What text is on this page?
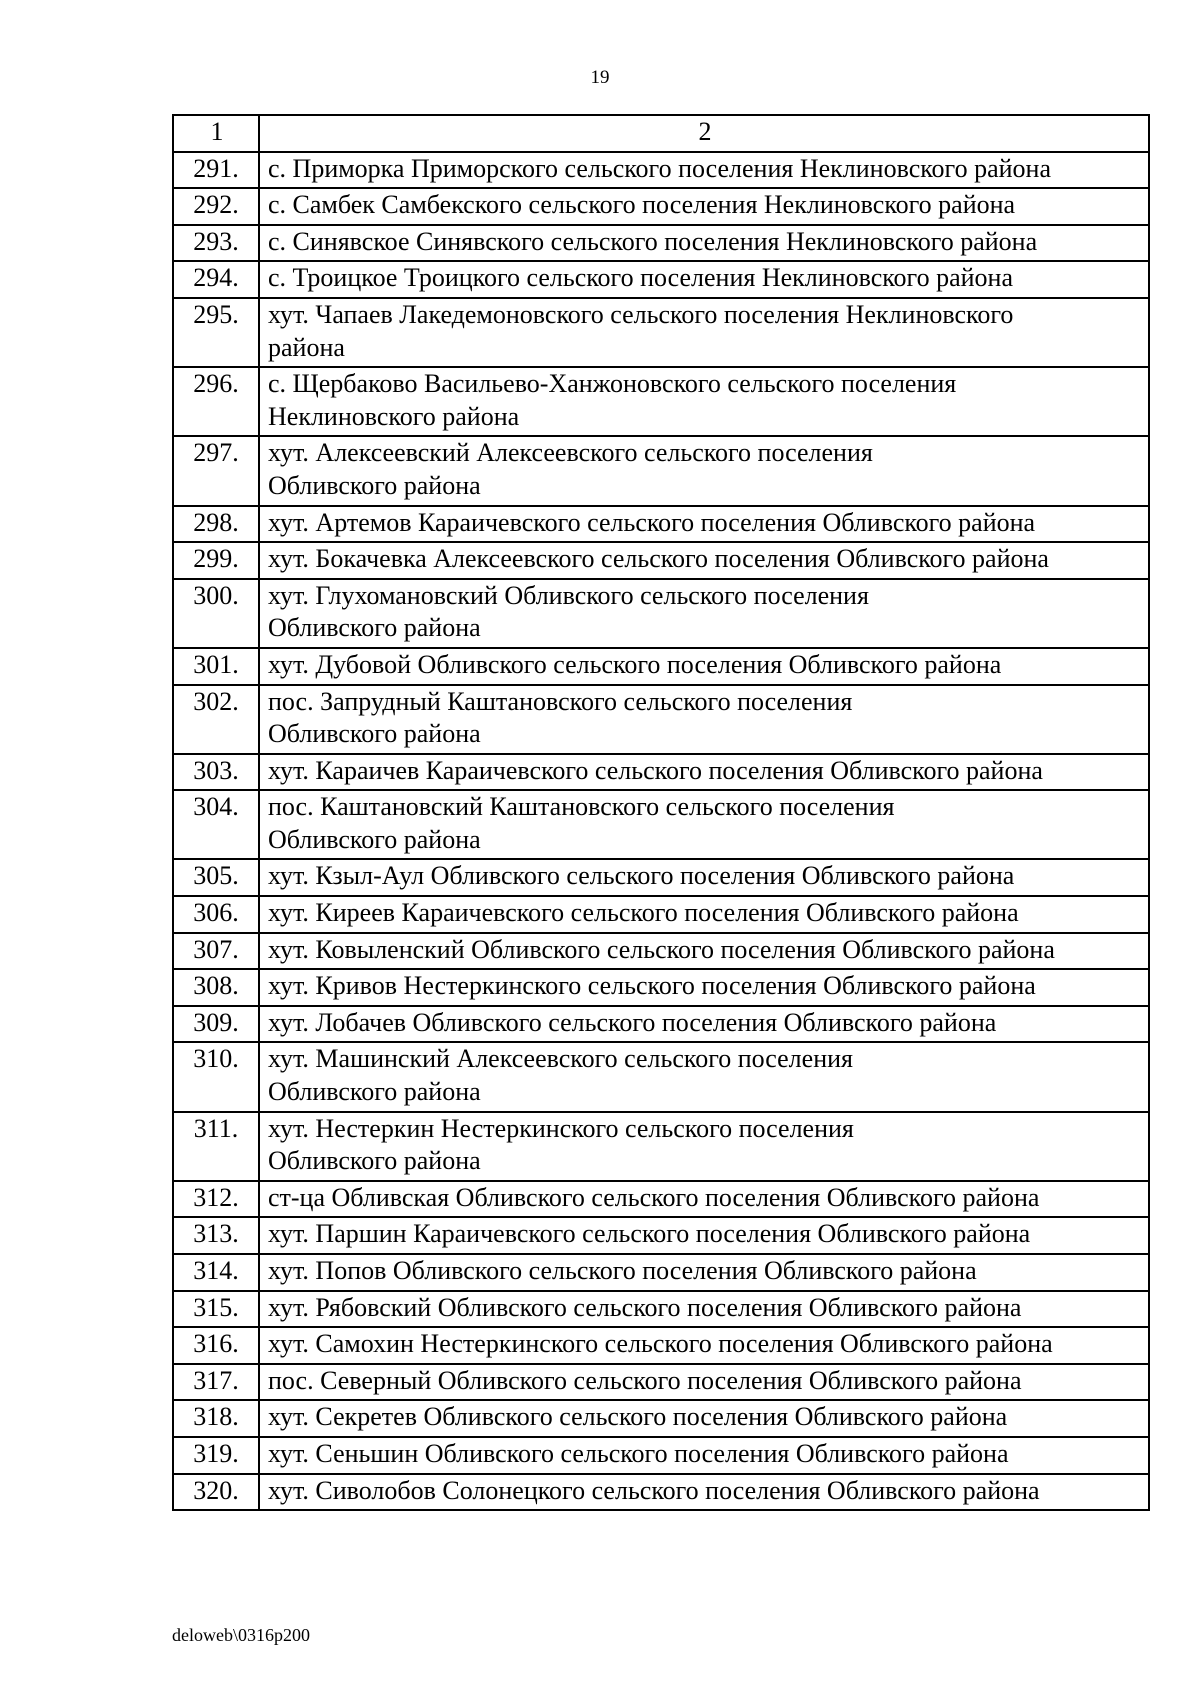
19
1	2
291.	с. Приморка Приморского сельского поселения Неклиновского района
292.	с. Самбек Самбекского сельского поселения Неклиновского района
293.	с. Синявское Синявского сельского поселения Неклиновского района
294.	с. Троицкое Троицкого сельского поселения Неклиновского района
295.	хут. Чапаев Лакедемоновского сельского поселения Неклиновского
района

296.	с. Щербаково Васильево-Ханжоновского сельского поселения
Неклиновского района

297.	хут. Алексеевский Алексеевского сельского поселения
Обливского района

298.	хут. Артемов Караичевского сельского поселения Обливского района
299.	хут. Бокачевка Алексеевского сельского поселения Обливского района
300.	хут. Глухомановский Обливского сельского поселения
Обливского района

301.	хут. Дубовой Обливского сельского поселения Обливского района
302.	пос. Запрудный Каштановского сельского поселения
Обливского района

303.	хут. Караичев Караичевского сельского поселения Обливского района
304.	пос. Каштановский Каштановского сельского поселения
Обливского района

305.	хут. Кзыл-Аул Обливского сельского поселения Обливского района
306.	хут. Киреев Караичевского сельского поселения Обливского района
307.	хут. Ковыленский Обливского сельского поселения Обливского района
308.	хут. Кривов Нестеркинского сельского поселения Обливского района
309.	хут. Лобачев Обливского сельского поселения Обливского района
310.	хут. Машинский Алексеевского сельского поселения
Обливского района

311.	хут. Нестеркин Нестеркинского сельского поселения
Обливского района

312.	ст-ца Обливская Обливского сельского поселения Обливского района
313.	хут. Паршин Караичевского сельского поселения Обливского района
314.	хут. Попов Обливского сельского поселения Обливского района
315.	хут. Рябовский Обливского сельского поселения Обливского района
316.	хут. Самохин Нестеркинского сельского поселения Обливского района
317.	пос. Северный Обливского сельского поселения Обливского района
318.	хут. Секретев Обливского сельского поселения Обливского района
319.	хут. Сеньшин Обливского сельского поселения Обливского района
320.	хут. Сиволобов Солонецкого сельского поселения Обливского района
deloweb\0316p200
